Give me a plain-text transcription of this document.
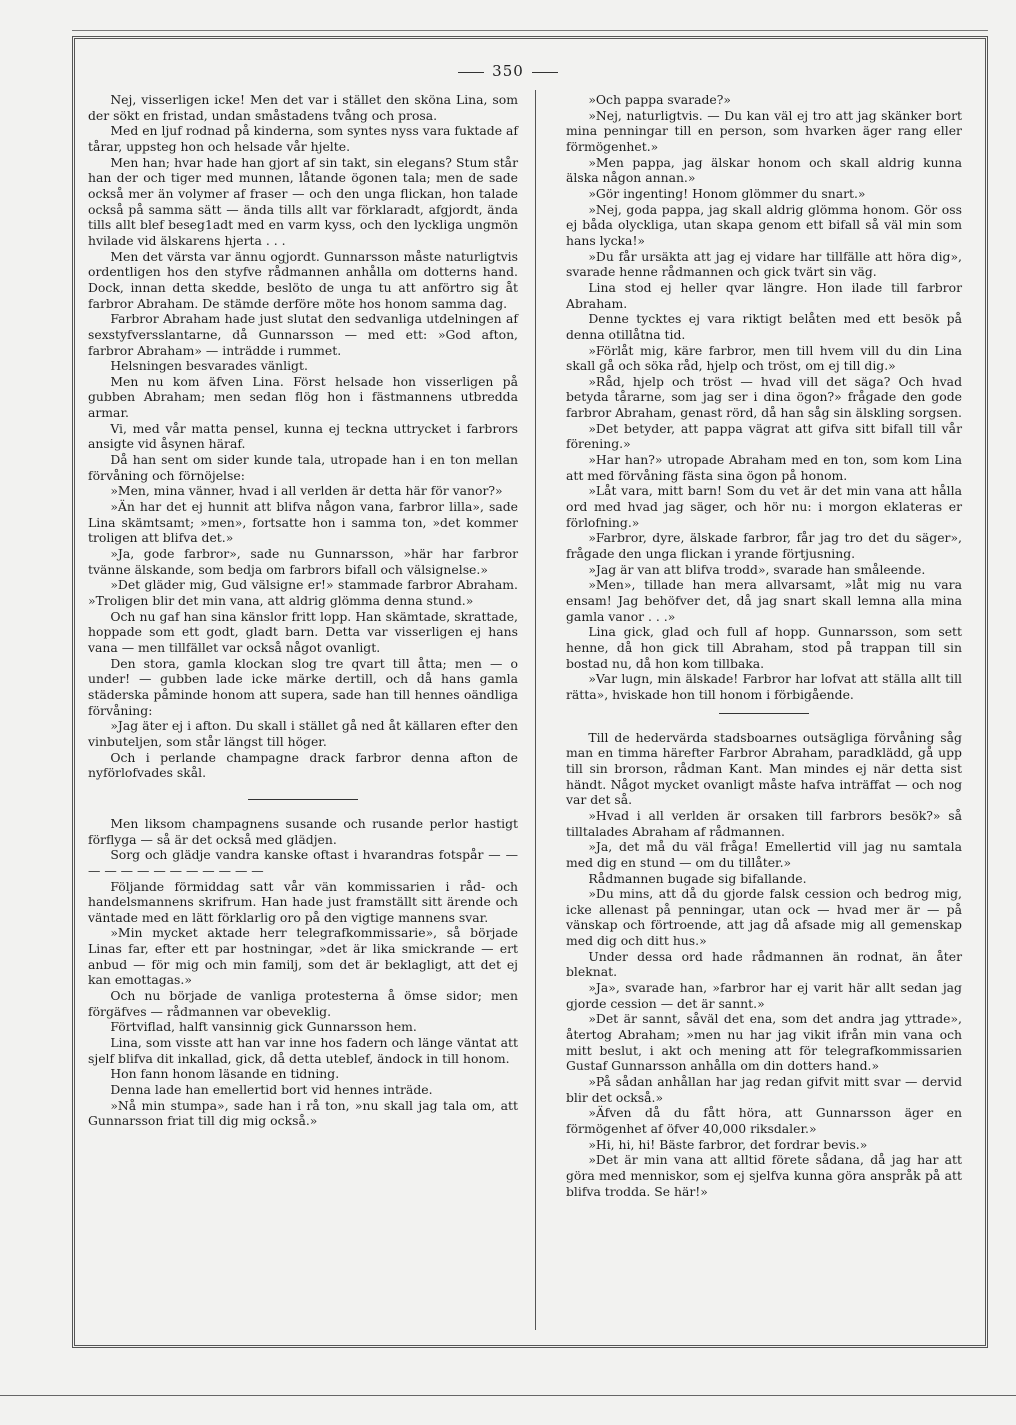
350

Nej, visserligen icke! Men det var i stället den sköna Lina, som der sökt en fristad, undan småstadens tvång och prosa.

Med en ljuf rodnad på kinderna, som syntes nyss vara fuktade af tårar, uppsteg hon och helsade vår hjelte.

Men han; hvar hade han gjort af sin takt, sin elegans? Stum står han der och tiger med munnen, låtande ögonen tala; men de sade också mer än volymer af fraser — och den unga flickan, hon talade också på samma sätt — ända tills allt var förklaradt, afgjordt, ända tills allt blef beseg1adt med en varm kyss, och den lyckliga ungmön hvilade vid älskarens hjerta . . .

Men det värsta var ännu ogjordt. Gunnarsson måste naturligtvis ordentligen hos den styfve rådmannen anhålla om dotterns hand. Dock, innan detta skedde, beslöto de unga tu att anförtro sig åt farbror Abraham. De stämde derföre möte hos honom samma dag.

Farbror Abraham hade just slutat den sedvanliga utdelningen af sexstyfversslantarne, då Gunnarsson — med ett: »God afton, farbror Abraham» — inträdde i rummet.

Helsningen besvarades vänligt.

Men nu kom äfven Lina. Först helsade hon visserligen på gubben Abraham; men sedan flög hon i fästmannens utbredda armar.

Vi, med vår matta pensel, kunna ej teckna uttrycket i farbrors ansigte vid åsynen häraf.

Då han sent om sider kunde tala, utropade han i en ton mellan förvåning och förnöjelse:

»Men, mina vänner, hvad i all verlden är detta här för vanor?»

»Än har det ej hunnit att blifva någon vana, farbror lilla», sade Lina skämtsamt; »men», fortsatte hon i samma ton, »det kommer troligen att blifva det.»

»Ja, gode farbror», sade nu Gunnarsson, »här har farbror tvänne älskande, som bedja om farbrors bifall och välsignelse.»

»Det gläder mig, Gud välsigne er!» stammade farbror Abraham. »Troligen blir det min vana, att aldrig glömma denna stund.»

Och nu gaf han sina känslor fritt lopp. Han skämtade, skrattade, hoppade som ett godt, gladt barn. Detta var visserligen ej hans vana — men tillfället var också något ovanligt.

Den stora, gamla klockan slog tre qvart till åtta; men — o under! — gubben lade icke märke dertill, och då hans gamla städerska påminde honom att supera, sade han till hennes oändliga förvåning:

»Jag äter ej i afton. Du skall i stället gå ned åt källaren efter den vinbuteljen, som står längst till höger.

Och i perlande champagne drack farbror denna afton de nyförlofvades skål.

Men liksom champagnens susande och rusande perlor hastigt förflyga — så är det också med glädjen.

Sorg och glädje vandra kanske oftast i hvarandras fotspår — — — — — — — — — — — — —

Följande förmiddag satt vår vän kommissarien i råd- och handelsmannens skrifrum. Han hade just framställt sitt ärende och väntade med en lätt förklarlig oro på den vigtige mannens svar.

»Min mycket aktade herr telegrafkommissarie», så började Linas far, efter ett par hostningar, »det är lika smickrande — ert anbud — för mig och min familj, som det är beklagligt, att det ej kan emottagas.»

Och nu började de vanliga protesterna å ömse sidor; men förgäfves — rådmannen var obeveklig.

Förtviflad, halft vansinnig gick Gunnarsson hem.

Lina, som visste att han var inne hos fadern och länge väntat att sjelf blifva dit inkallad, gick, då detta uteblef, ändock in till honom.

Hon fann honom läsande en tidning.

Denna lade han emellertid bort vid hennes inträde.

»Nå min stumpa», sade han i rå ton, »nu skall jag tala om, att Gunnarsson friat till dig mig också.»

»Och pappa svarade?»

»Nej, naturligtvis. — Du kan väl ej tro att jag skänker bort mina penningar till en person, som hvarken äger rang eller förmögenhet.»

»Men pappa, jag älskar honom och skall aldrig kunna älska någon annan.»

»Gör ingenting! Honom glömmer du snart.»

»Nej, goda pappa, jag skall aldrig glömma honom. Gör oss ej båda olyckliga, utan skapa genom ett bifall så väl min som hans lycka!»

»Du får ursäkta att jag ej vidare har tillfälle att höra dig», svarade henne rådmannen och gick tvärt sin väg.

Lina stod ej heller qvar längre. Hon ilade till farbror Abraham.

Denne tycktes ej vara riktigt belåten med ett besök på denna otillåtna tid.

»Förlåt mig, käre farbror, men till hvem vill du din Lina skall gå och söka råd, hjelp och tröst, om ej till dig.»

»Råd, hjelp och tröst — hvad vill det säga? Och hvad betyda tårarne, som jag ser i dina ögon?» frågade den gode farbror Abraham, genast rörd, då han såg sin älskling sorgsen.

»Det betyder, att pappa vägrat att gifva sitt bifall till vår förening.»

»Har han?» utropade Abraham med en ton, som kom Lina att med förvåning fästa sina ögon på honom.

»Låt vara, mitt barn! Som du vet är det min vana att hålla ord med hvad jag säger, och hör nu: i morgon eklateras er förlofning.»

»Farbror, dyre, älskade farbror, får jag tro det du säger», frågade den unga flickan i yrande förtjusning.

»Jag är van att blifva trodd», svarade han småleende.

»Men», tillade han mera allvarsamt, »låt mig nu vara ensam! Jag behöfver det, då jag snart skall lemna alla mina gamla vanor . . .»

Lina gick, glad och full af hopp. Gunnarsson, som sett henne, då hon gick till Abraham, stod på trappan till sin bostad nu, då hon kom tillbaka.

»Var lugn, min älskade! Farbror har lofvat att ställa allt till rätta», hviskade hon till honom i förbigående.

Till de hedervärda stadsboarnes outsägliga förvåning såg man en timma härefter Farbror Abraham, paradklädd, gå upp till sin brorson, rådman Kant. Man mindes ej när detta sist händt. Något mycket ovanligt måste hafva inträffat — och nog var det så.

»Hvad i all verlden är orsaken till farbrors besök?» så tilltalades Abraham af rådmannen.

»Ja, det må du väl fråga! Emellertid vill jag nu samtala med dig en stund — om du tillåter.»

Rådmannen bugade sig bifallande.

»Du mins, att då du gjorde falsk cession och bedrog mig, icke allenast på penningar, utan ock — hvad mer är — på vänskap och förtroende, att jag då afsade mig all gemenskap med dig och ditt hus.»

Under dessa ord hade rådmannen än rodnat, än åter bleknat.

»Ja», svarade han, »farbror har ej varit här allt sedan jag gjorde cession — det är sannt.»

»Det är sannt, såväl det ena, som det andra jag yttrade», återtog Abraham; »men nu har jag vikit ifrån min vana och mitt beslut, i akt och mening att för telegrafkommissarien Gustaf Gunnarsson anhålla om din dotters hand.»

»På sådan anhållan har jag redan gifvit mitt svar — dervid blir det också.»

»Äfven då du fått höra, att Gunnarsson äger en förmögenhet af öfver 40,000 riksdaler.»

»Hi, hi, hi! Bäste farbror, det fordrar bevis.»

»Det är min vana att alltid förete sådana, då jag har att göra med menniskor, som ej sjelfva kunna göra anspråk på att blifva trodda. Se här!»
